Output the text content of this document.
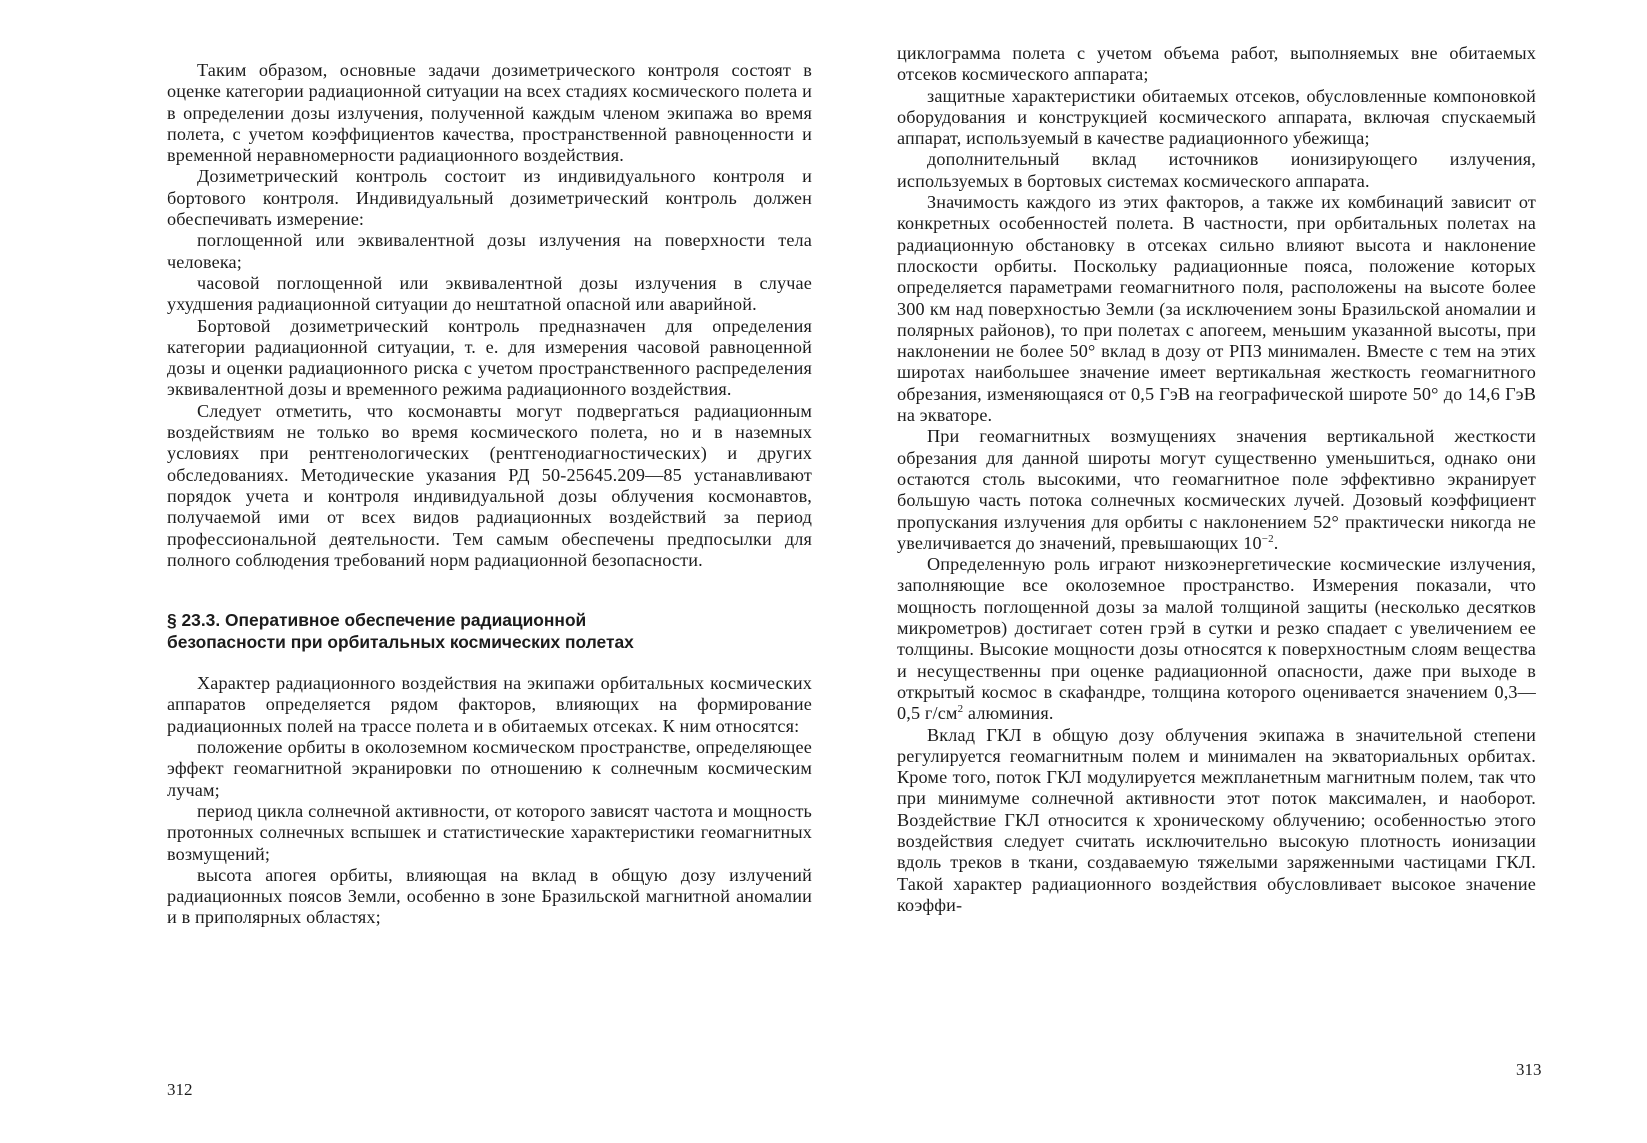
Таким образом, основные задачи дозиметрического контроля состоят в оценке категории радиационной ситуации на всех стадиях космического полета и в определении дозы излучения, полученной каждым членом экипажа во время полета, с учетом коэффициентов качества, пространственной равноценности и временной неравномерности радиационного воздействия.

Дозиметрический контроль состоит из индивидуального контроля и бортового контроля. Индивидуальный дозиметрический контроль должен обеспечивать измерение:

поглощенной или эквивалентной дозы излучения на поверхности тела человека;

часовой поглощенной или эквивалентной дозы излучения в случае ухудшения радиационной ситуации до нештатной опасной или аварийной.

Бортовой дозиметрический контроль предназначен для определения категории радиационной ситуации, т. е. для измерения часовой равноценной дозы и оценки радиационного риска с учетом пространственного распределения эквивалентной дозы и временного режима радиационного воздействия.

Следует отметить, что космонавты могут подвергаться радиационным воздействиям не только во время космического полета, но и в наземных условиях при рентгенологических (рентгенодиагностических) и других обследованиях. Методические указания РД 50-25645.209—85 устанавливают порядок учета и контроля индивидуальной дозы облучения космонавтов, получаемой ими от всех видов радиационных воздействий за период профессиональной деятельности. Тем самым обеспечены предпосылки для полного соблюдения требований норм радиационной безопасности.

§ 23.3. Оперативное обеспечение радиационной
безопасности при орбитальных космических полетах

Характер радиационного воздействия на экипажи орбитальных космических аппаратов определяется рядом факторов, влияющих на формирование радиационных полей на трассе полета и в обитаемых отсеках. К ним относятся:

положение орбиты в околоземном космическом пространстве, определяющее эффект геомагнитной экранировки по отношению к солнечным космическим лучам;

период цикла солнечной активности, от которого зависят частота и мощность протонных солнечных вспышек и статистические характеристики геомагнитных возмущений;

высота апогея орбиты, влияющая на вклад в общую дозу излучений радиационных поясов Земли, особенно в зоне Бразильской магнитной аномалии и в приполярных областях;

312

циклограмма полета с учетом объема работ, выполняемых вне обитаемых отсеков космического аппарата;

защитные характеристики обитаемых отсеков, обусловленные компоновкой оборудования и конструкцией космического аппарата, включая спускаемый аппарат, используемый в качестве радиационного убежища;

дополнительный вклад источников ионизирующего излучения, используемых в бортовых системах космического аппарата.

Значимость каждого из этих факторов, а также их комбинаций зависит от конкретных особенностей полета. В частности, при орбитальных полетах на радиационную обстановку в отсеках сильно влияют высота и наклонение плоскости орбиты. Поскольку радиационные пояса, положение которых определяется параметрами геомагнитного поля, расположены на высоте более 300 км над поверхностью Земли (за исключением зоны Бразильской аномалии и полярных районов), то при полетах с апогеем, меньшим указанной высоты, при наклонении не более 50° вклад в дозу от РПЗ минимален. Вместе с тем на этих широтах наибольшее значение имеет вертикальная жесткость геомагнитного обрезания, изменяющаяся от 0,5 ГэВ на географической широте 50° до 14,6 ГэВ на экваторе.

При геомагнитных возмущениях значения вертикальной жесткости обрезания для данной широты могут существенно уменьшиться, однако они остаются столь высокими, что геомагнитное поле эффективно экранирует большую часть потока солнечных космических лучей. Дозовый коэффициент пропускания излучения для орбиты с наклонением 52° практически никогда не увеличивается до значений, превышающих $10^{-2}$.

Определенную роль играют низкоэнергетические космические излучения, заполняющие все околоземное пространство. Измерения показали, что мощность поглощенной дозы за малой толщиной защиты (несколько десятков микрометров) достигает сотен грэй в сутки и резко спадает с увеличением ее толщины. Высокие мощности дозы относятся к поверхностным слоям вещества и несущественны при оценке радиационной опасности, даже при выходе в открытый космос в скафандре, толщина которого оценивается значением 0,3—0,5 $г/см^2$ алюминия.

Вклад ГКЛ в общую дозу облучения экипажа в значительной степени регулируется геомагнитным полем и минимален на экваториальных орбитах. Кроме того, поток ГКЛ модулируется межпланетным магнитным полем, так что при минимуме солнечной активности этот поток максимален, и наоборот. Воздействие ГКЛ относится к хроническому облучению; особенностью этого воздействия следует считать исключительно высокую плотность ионизации вдоль треков в ткани, создаваемую тяжелыми заряженными частицами ГКЛ. Такой характер радиационного воздействия обусловливает высокое значение коэффи-

313
